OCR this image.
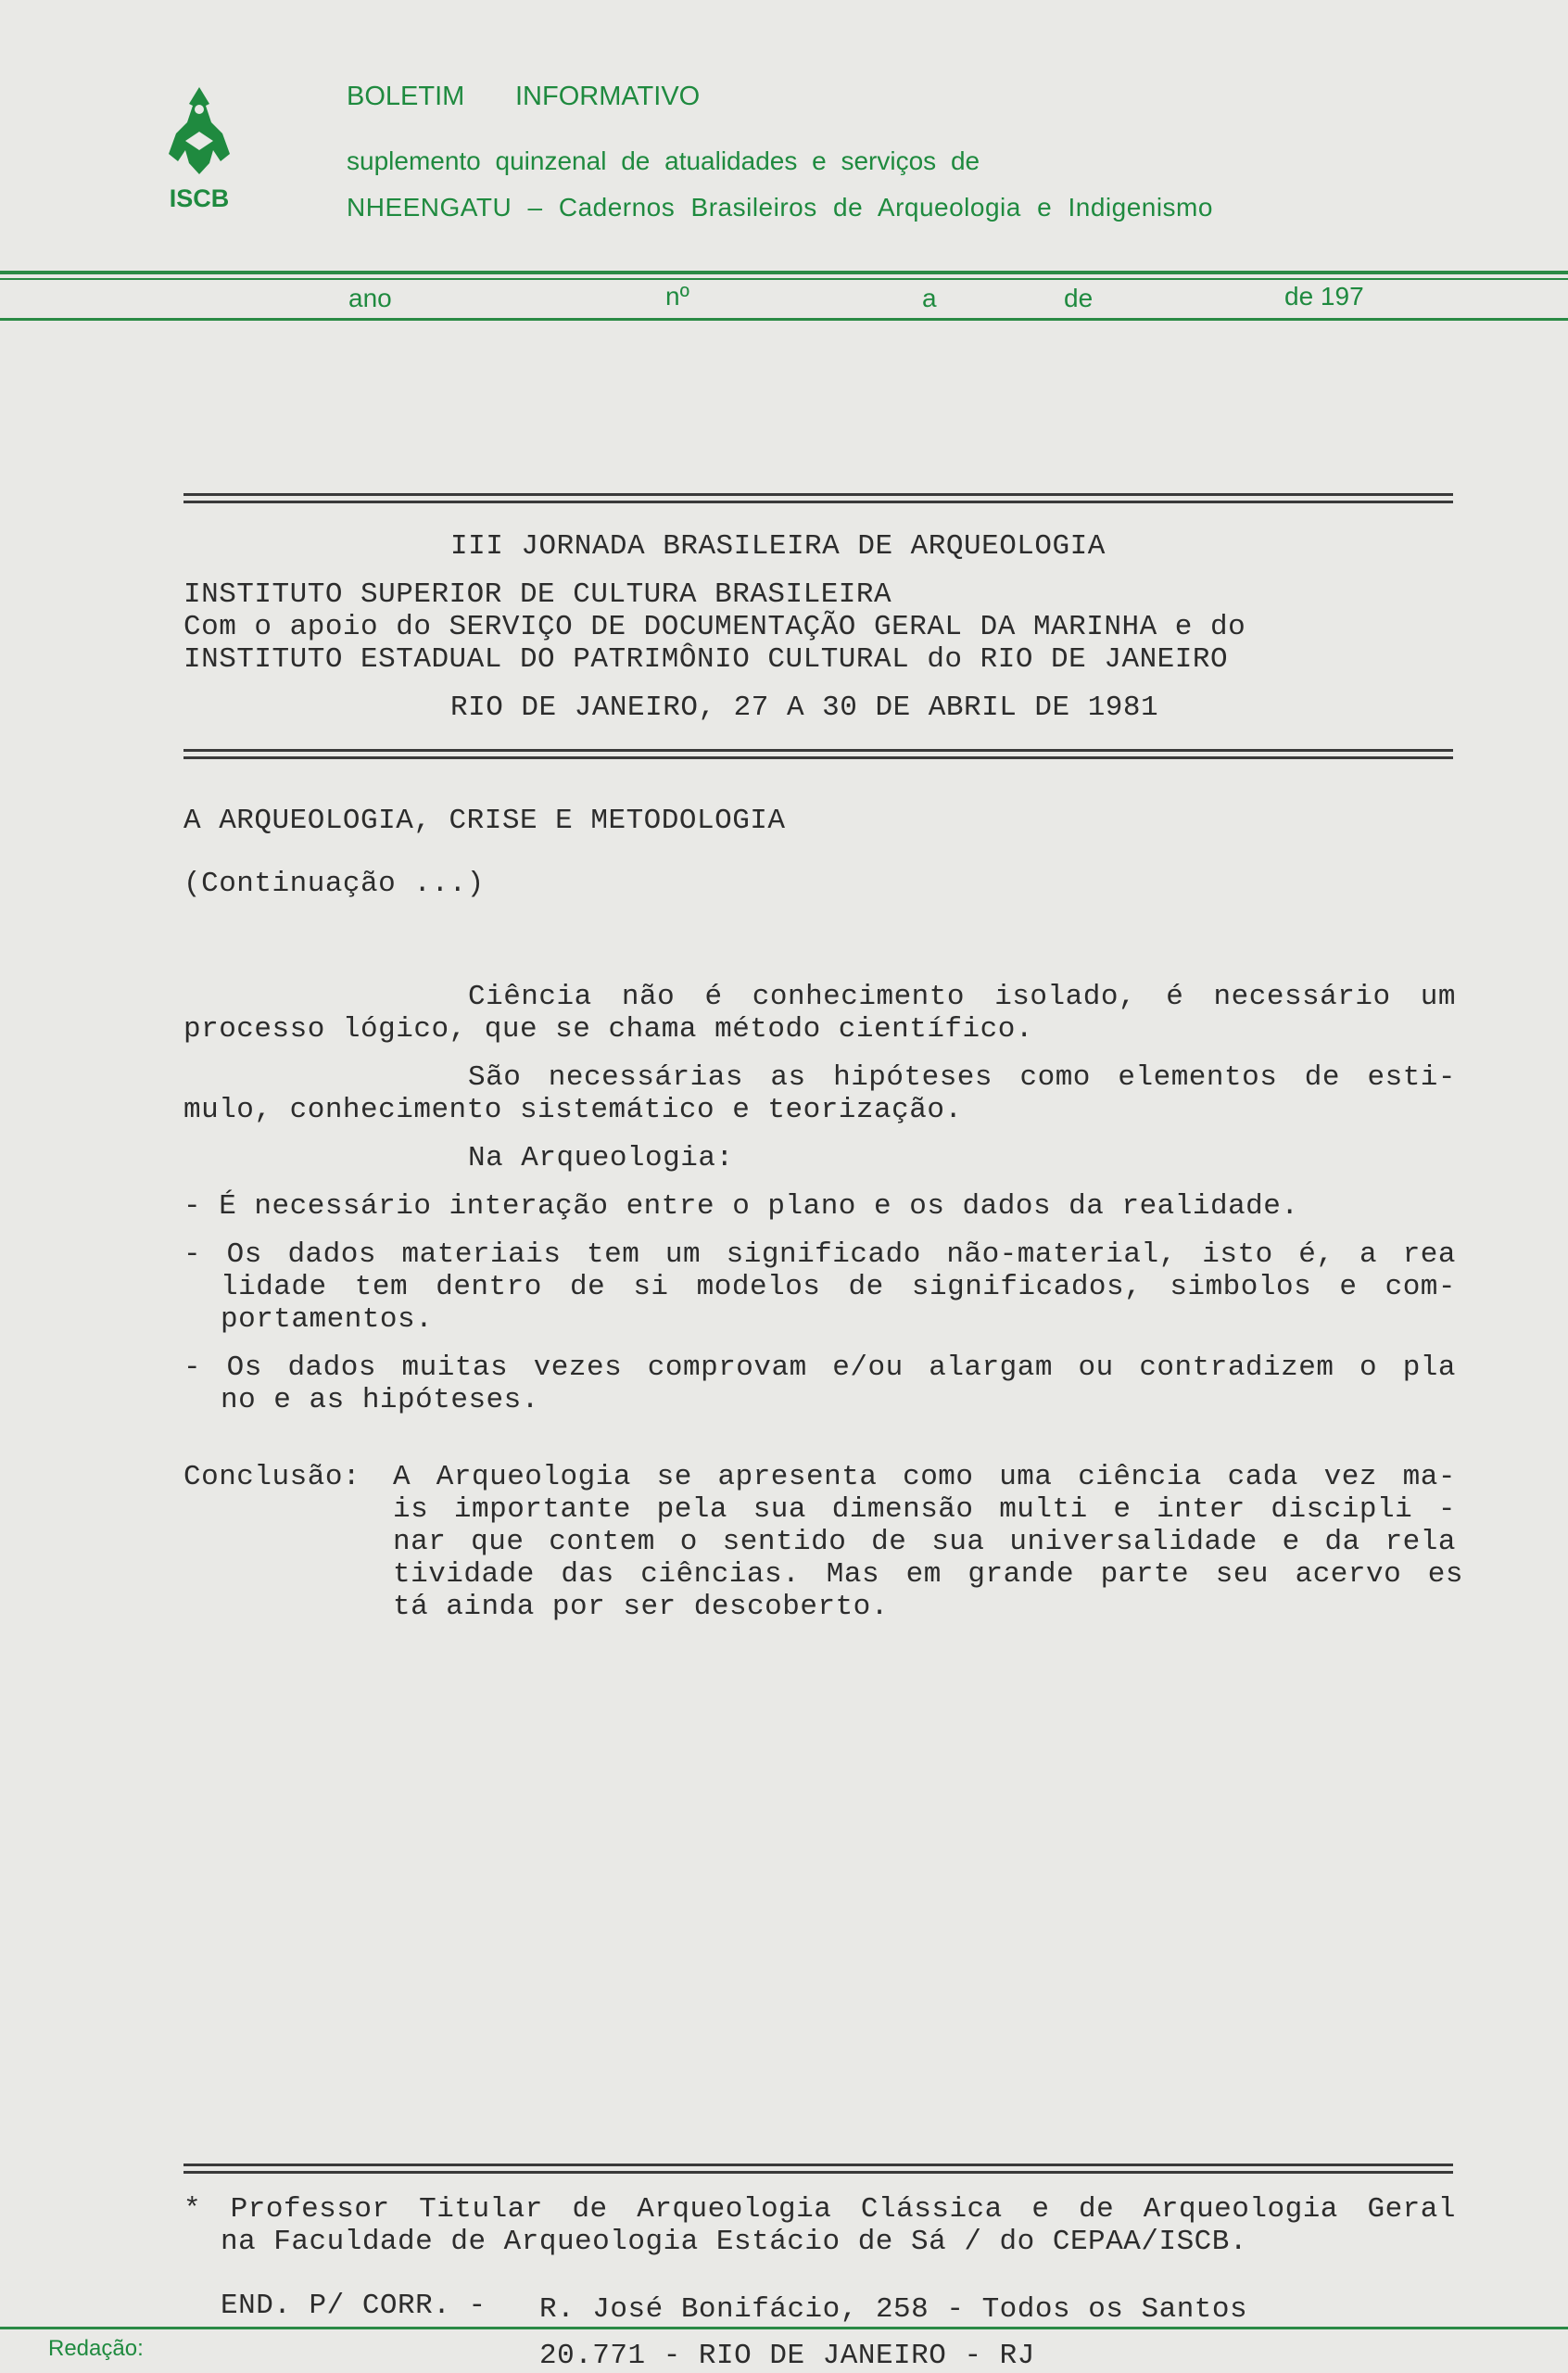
ISCB
BOLETIM INFORMATIVO
suplemento quinzenal de atualidades e serviços de
NHEENGATU – Cadernos Brasileiros de Arqueologia e Indigenismo
ano	nº	a	de	de 197
III JORNADA BRASILEIRA DE ARQUEOLOGIA
INSTITUTO SUPERIOR DE CULTURA BRASILEIRA
Com o apoio do SERVIÇO DE DOCUMENTAÇÃO GERAL DA MARINHA e do
INSTITUTO ESTADUAL DO PATRIMÔNIO CULTURAL do RIO DE JANEIRO
RIO DE JANEIRO, 27 A 30 DE ABRIL DE 1981
A ARQUEOLOGIA, CRISE E METODOLOGIA
(Continuação ...)
Ciência não é conhecimento isolado, é necessário um
processo lógico, que se chama método científico.
São necessárias as hipóteses como elementos de esti-
mulo, conhecimento sistemático e teorização.
Na Arqueologia:
- É necessário interação entre o plano e os dados da realidade.
- Os dados materiais tem um significado não-material, isto é, a rea
lidade tem dentro de si modelos de significados, simbolos e com-
portamentos.
- Os dados muitas vezes comprovam e/ou alargam ou contradizem o pla
no e as hipóteses.
Conclusão: A Arqueologia se apresenta como uma ciência cada vez ma-
is importante pela sua dimensão multi e inter discipli -
nar que contem o sentido de sua universalidade e da rela
tividade das ciências. Mas em grande parte seu acervo es
tá ainda por ser descoberto.
* Professor Titular de Arqueologia Clássica e de Arqueologia Geral
na Faculdade de Arqueologia Estácio de Sá / do CEPAA/ISCB.
END. P/ CORR. - R. José Bonifácio, 258 - Todos os Santos
Redação:	20.771 - RIO DE JANEIRO - RJ
